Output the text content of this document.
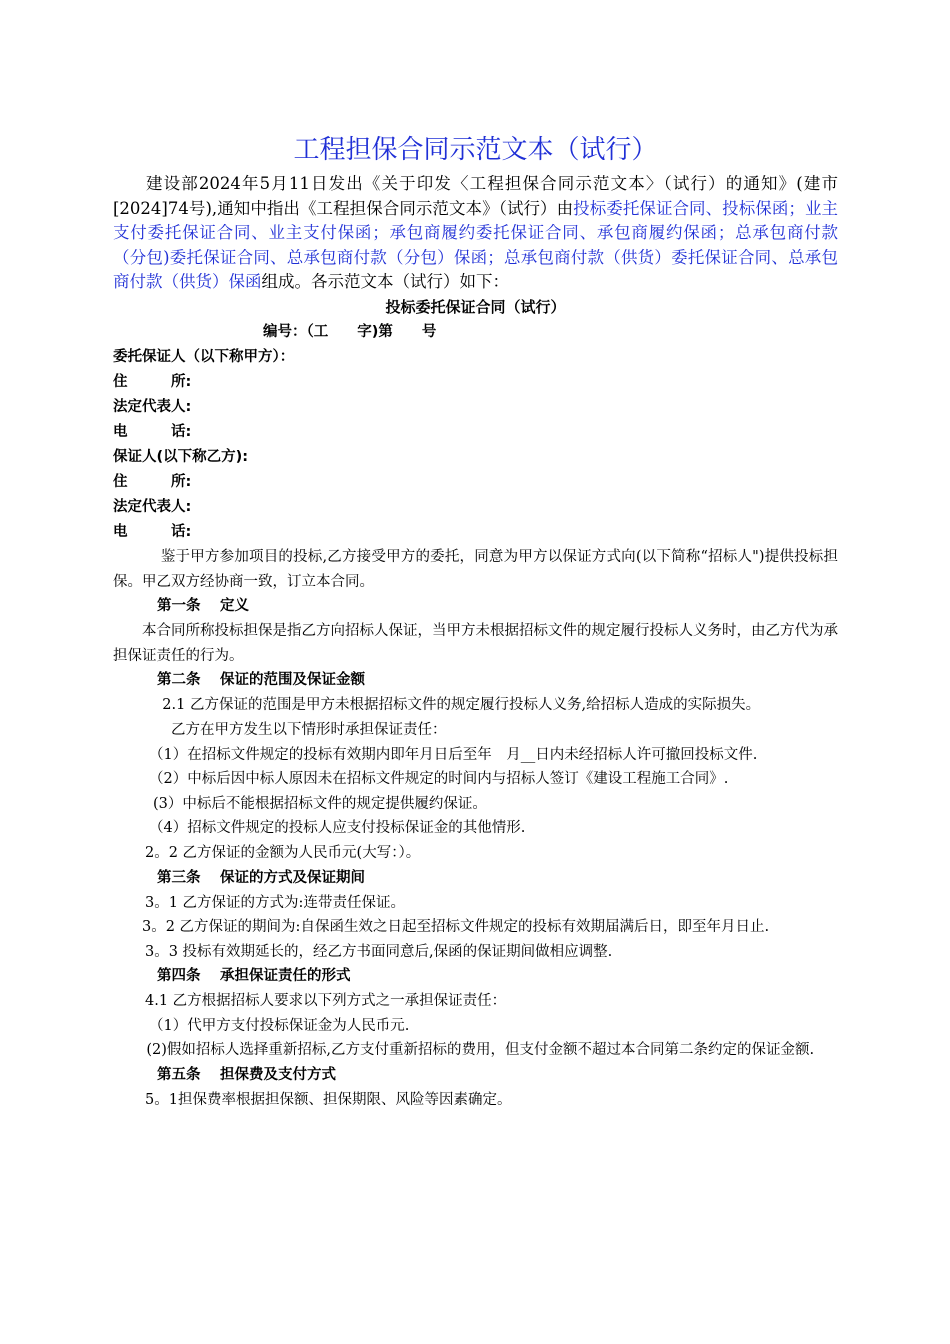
工程担保合同示范文本（试行）

建设部2024年5月11日发出《关于印发〈工程担保合同示范文本〉（试行）的通知》(建市[2024]74号),通知中指出《工程担保合同示范文本》（试行）由投标委托保证合同、投标保函；业主支付委托保证合同、业主支付保函；承包商履约委托保证合同、承包商履约保函；总承包商付款（分包)委托保证合同、总承包商付款（分包）保函；总承包商付款（供货）委托保证合同、总承包商付款（供货）保函组成。各示范文本（试行）如下：

投标委托保证合同（试行）

编号：（工　　字)第　　号

委托保证人（以下称甲方）：

住　　　所:

法定代表人:

电　　　话:

保证人(以下称乙方):

住　　　所:

法定代表人:

电　　　话:

鉴于甲方参加项目的投标,乙方接受甲方的委托，同意为甲方以保证方式向(以下简称“招标人")提供投标担保。甲乙双方经协商一致，订立本合同。

第一条　 定义

本合同所称投标担保是指乙方向招标人保证，当甲方未根据招标文件的规定履行投标人义务时，由乙方代为承担保证责任的行为。

第二条　 保证的范围及保证金额

2.1 乙方保证的范围是甲方未根据招标文件的规定履行投标人义务,给招标人造成的实际损失。

乙方在甲方发生以下情形时承担保证责任：

（1）在招标文件规定的投标有效期内即年月日后至年　月__日内未经招标人许可撤回投标文件.

（2）中标后因中标人原因未在招标文件规定的时间内与招标人签订《建设工程施工合同》.

(3）中标后不能根据招标文件的规定提供履约保证。

（4）招标文件规定的投标人应支付投标保证金的其他情形.

2。2 乙方保证的金额为人民币元(大写：）。

第三条　 保证的方式及保证期间

3。1 乙方保证的方式为:连带责任保证。

3。2 乙方保证的期间为:自保函生效之日起至招标文件规定的投标有效期届满后日，即至年月日止.

3。3 投标有效期延长的，经乙方书面同意后,保函的保证期间做相应调整.

第四条　 承担保证责任的形式

4.1 乙方根据招标人要求以下列方式之一承担保证责任：

（1）代甲方支付投标保证金为人民币元.

(2)假如招标人选择重新招标,乙方支付重新招标的费用，但支付金额不超过本合同第二条约定的保证金额.

第五条　 担保费及支付方式

5。1担保费率根据担保额、担保期限、风险等因素确定。
